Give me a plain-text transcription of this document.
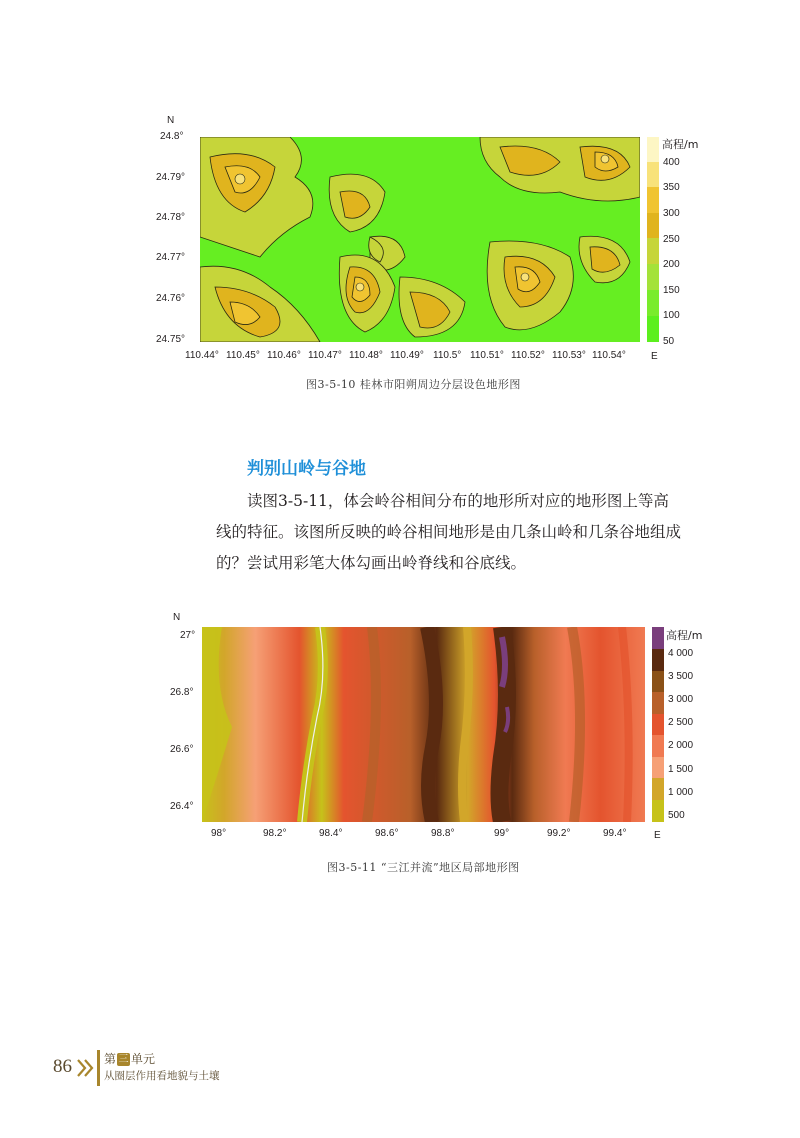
N
24.8°
24.79°
24.78°
24.77°
24.76°
24.75°
110.44° 110.45° 110.46° 110.47° 110.48° 110.49° 110.5° 110.51° 110.52° 110.53° 110.54°	E
高程/m
400
350
300
250
200
150
100
50
图3-5-10 桂林市阳朔周边分层设色地形图
判别山岭与谷地
读图3-5-11，体会岭谷相间分布的地形所对应的地形图上等高
线的特征。该图所反映的岭谷相间地形是由几条山岭和几条谷地组成
的？尝试用彩笔大体勾画出岭脊线和谷底线。
N
27°
26.8°
26.6°
26.4°
98°	98.2°	98.4°	98.6°	98.8°	99°	99.2°	99.4°	E
高程/m
4 000
3 500
3 000
2 500
2 000
1 500
1 000
500
图3-5-11 “三江并流”地区局部地形图
86	第 三 单元
从圈层作用看地貌与土壤
